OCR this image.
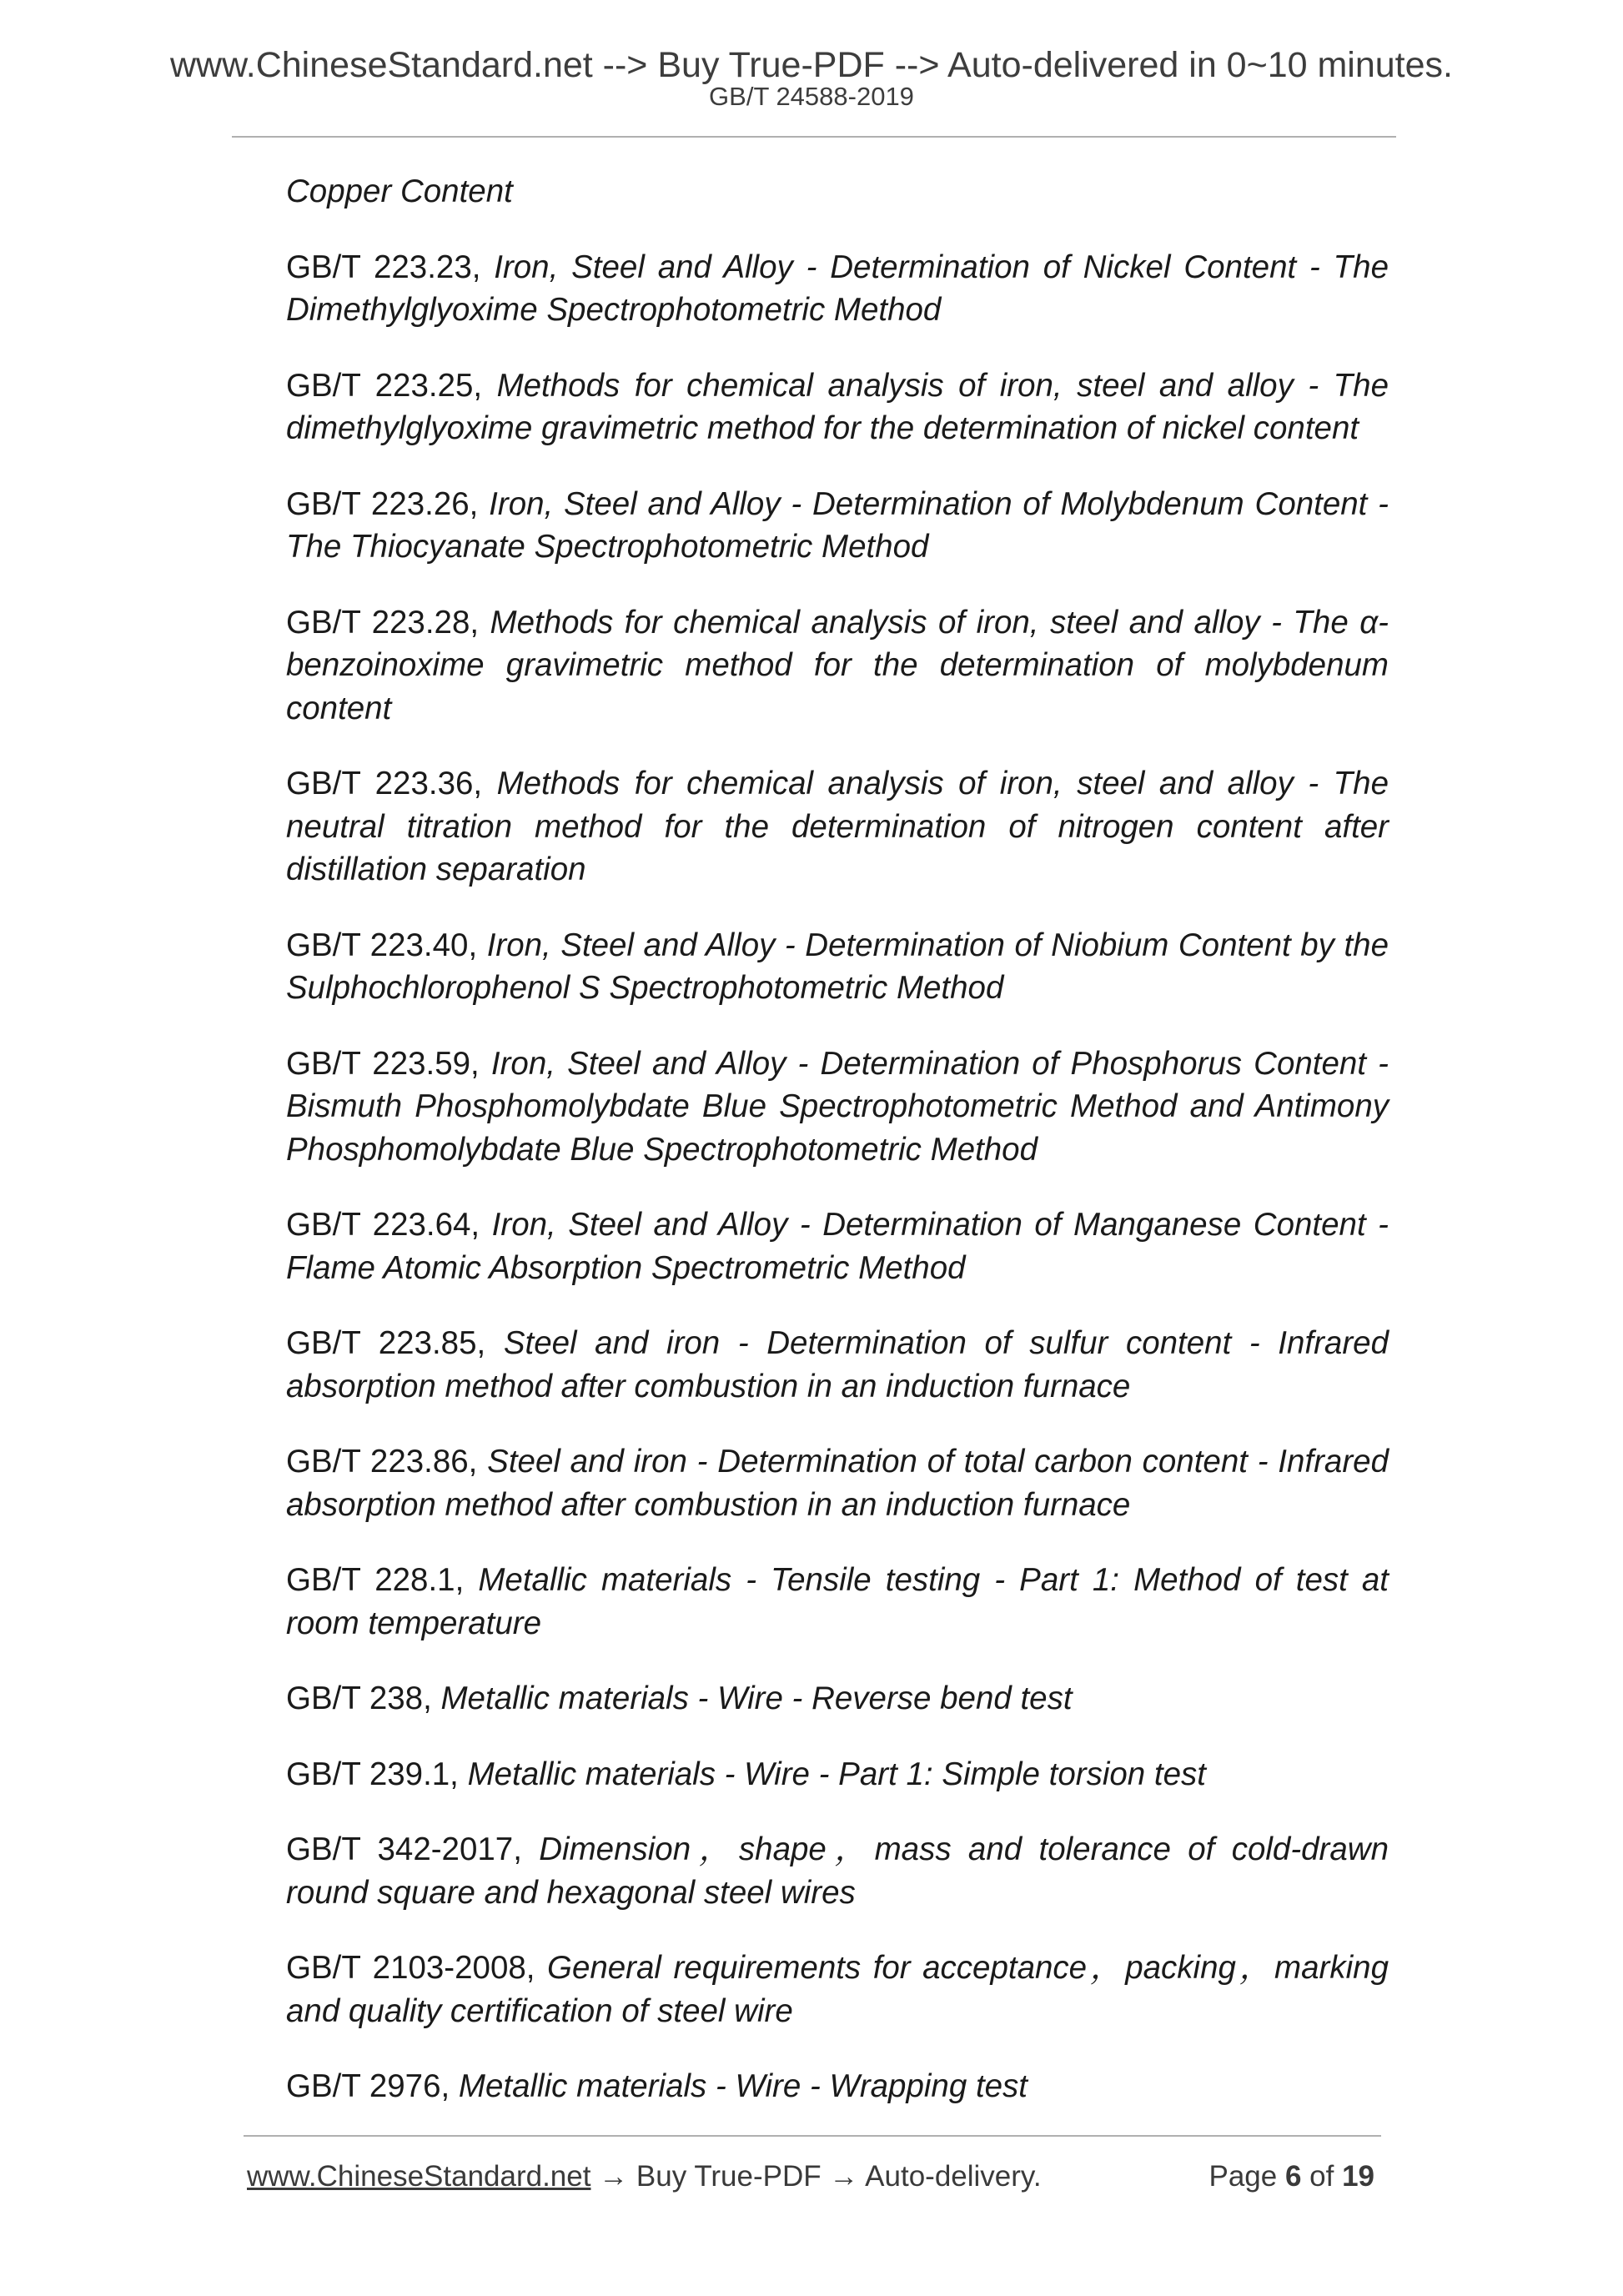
www.ChineseStandard.net --> Buy True-PDF --> Auto-delivered in 0~10 minutes.
GB/T 24588-2019

Copper Content

GB/T 223.23, Iron, Steel and Alloy - Determination of Nickel Content - The Dimethylglyoxime Spectrophotometric Method

GB/T 223.25, Methods for chemical analysis of iron, steel and alloy - The dimethylglyoxime gravimetric method for the determination of nickel content

GB/T 223.26, Iron, Steel and Alloy - Determination of Molybdenum Content - The Thiocyanate Spectrophotometric Method

GB/T 223.28, Methods for chemical analysis of iron, steel and alloy - The α-benzoinoxime gravimetric method for the determination of molybdenum content

GB/T 223.36, Methods for chemical analysis of iron, steel and alloy - The neutral titration method for the determination of nitrogen content after distillation separation

GB/T 223.40, Iron, Steel and Alloy - Determination of Niobium Content by the Sulphochlorophenol S Spectrophotometric Method

GB/T 223.59, Iron, Steel and Alloy - Determination of Phosphorus Content - Bismuth Phosphomolybdate Blue Spectrophotometric Method and Antimony Phosphomolybdate Blue Spectrophotometric Method

GB/T 223.64, Iron, Steel and Alloy - Determination of Manganese Content - Flame Atomic Absorption Spectrometric Method

GB/T 223.85, Steel and iron - Determination of sulfur content - Infrared absorption method after combustion in an induction furnace

GB/T 223.86, Steel and iron - Determination of total carbon content - Infrared absorption method after combustion in an induction furnace

GB/T 228.1, Metallic materials - Tensile testing - Part 1: Method of test at room temperature

GB/T 238, Metallic materials - Wire - Reverse bend test

GB/T 239.1, Metallic materials - Wire - Part 1: Simple torsion test

GB/T 342-2017, Dimension，shape，mass and tolerance of cold-drawn round square and hexagonal steel wires

GB/T 2103-2008, General requirements for acceptance，packing，marking and quality certification of steel wire

GB/T 2976, Metallic materials - Wire - Wrapping test

www.ChineseStandard.net → Buy True-PDF → Auto-delivery.	Page 6 of 19
